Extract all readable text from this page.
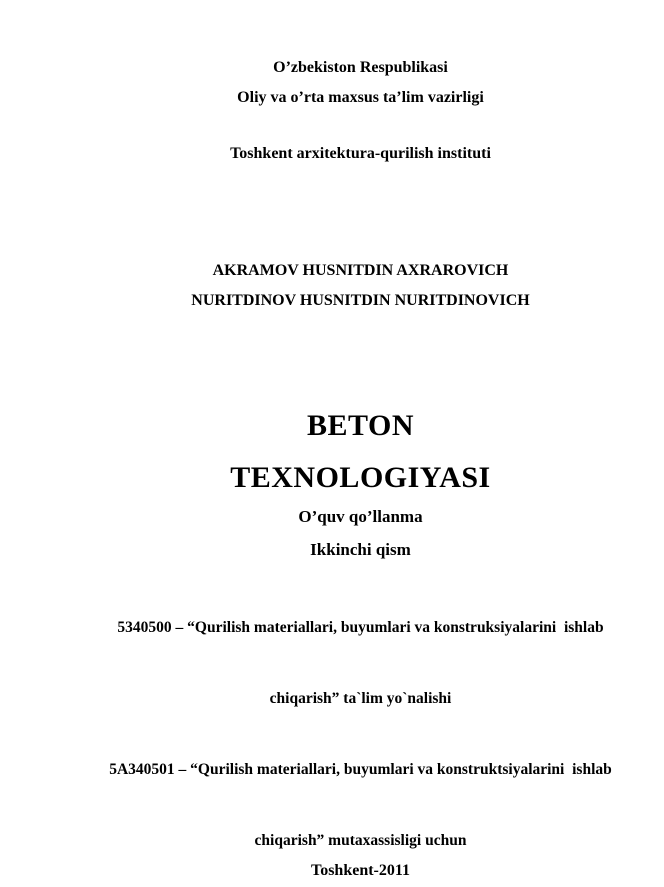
O’zbekiston Respublikasi
Oliy va o’rta maxsus ta’lim vazirligi
Toshkent arxitektura-qurilish instituti
AKRAMOV HUSNITDIN AXRAROVICH
NURITDINOV HUSNITDIN NURITDINOVICH
BETON
TEXNOLOGIYASI
O’quv qo’llanma
Ikkinchi qism

5340500 – “Qurilish materiallari, buyumlari va konstruksiyalarini  ishlab

chiqarish” ta`lim yo`nalishi

5A340501 – “Qurilish materiallari, buyumlari va konstruktsiyalarini  ishlab

chiqarish” mutaxassisligi uchun

Toshkent-2011
